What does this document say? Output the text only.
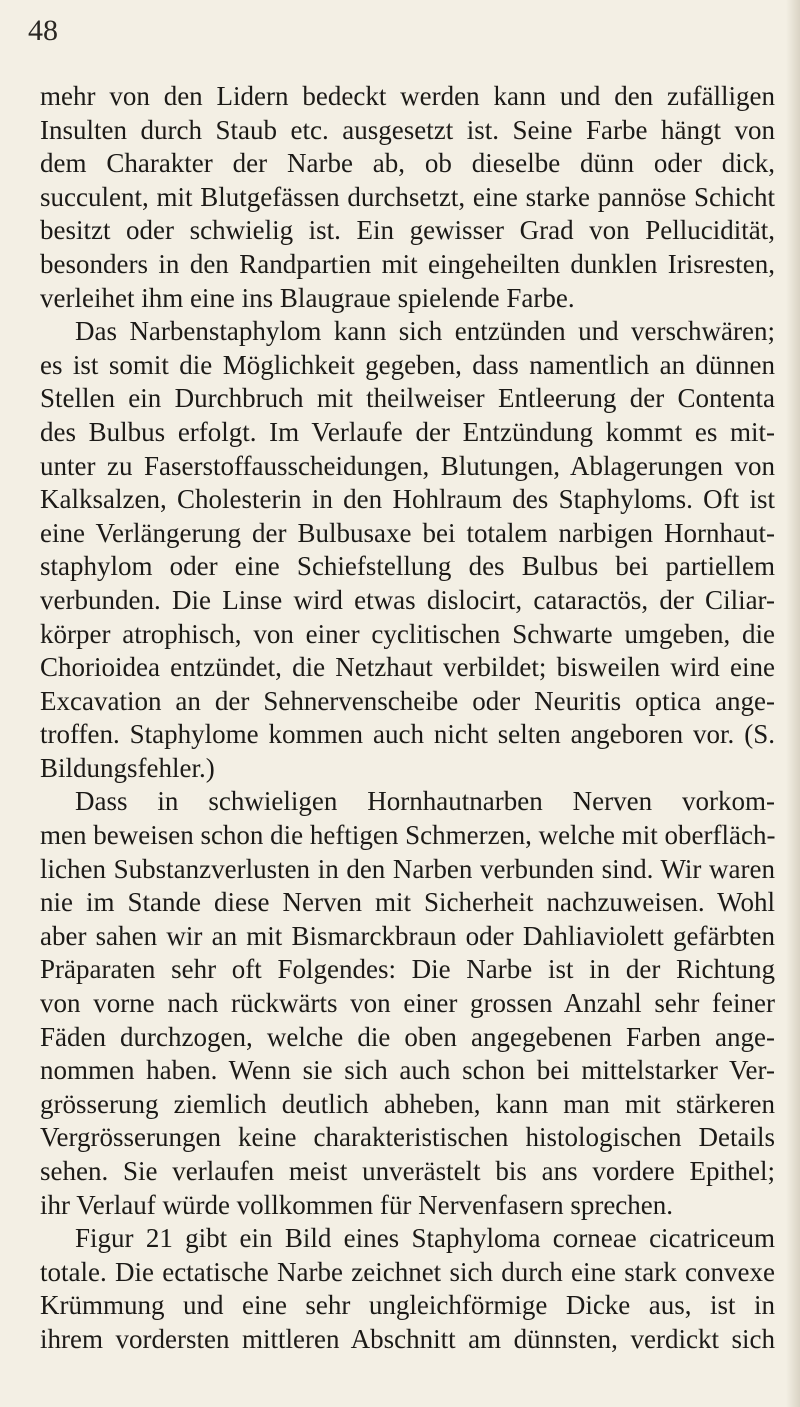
48
mehr von den Lidern bedeckt werden kann und den zufälligen
Insulten durch Staub etc. ausgesetzt ist. Seine Farbe hängt von
dem Charakter der Narbe ab, ob dieselbe dünn oder dick,
succulent, mit Blutgefässen durchsetzt, eine starke pannöse Schicht
besitzt oder schwielig ist. Ein gewisser Grad von Pellucidität,
besonders in den Randpartien mit eingeheilten dunklen Irisresten,
verleihet ihm eine ins Blaugraue spielende Farbe.
Das Narbenstaphylom kann sich entzünden und verschwären;
es ist somit die Möglichkeit gegeben, dass namentlich an dünnen
Stellen ein Durchbruch mit theilweiser Entleerung der Contenta
des Bulbus erfolgt. Im Verlaufe der Entzündung kommt es mit-
unter zu Faserstoffausscheidungen, Blutungen, Ablagerungen von
Kalksalzen, Cholesterin in den Hohlraum des Staphyloms. Oft ist
eine Verlängerung der Bulbusaxe bei totalem narbigen Hornhaut-
staphylom oder eine Schiefstellung des Bulbus bei partiellem
verbunden. Die Linse wird etwas dislocirt, cataractös, der Ciliar-
körper atrophisch, von einer cyclitischen Schwarte umgeben, die
Chorioidea entzündet, die Netzhaut verbildet; bisweilen wird eine
Excavation an der Sehnervenscheibe oder Neuritis optica ange-
troffen. Staphylome kommen auch nicht selten angeboren vor. (S.
Bildungsfehler.)
Dass in schwieligen Hornhautnarben Nerven vorkom-
men beweisen schon die heftigen Schmerzen, welche mit oberfläch-
lichen Substanzverlusten in den Narben verbunden sind. Wir waren
nie im Stande diese Nerven mit Sicherheit nachzuweisen. Wohl
aber sahen wir an mit Bismarckbraun oder Dahliaviolett gefärbten
Präparaten sehr oft Folgendes: Die Narbe ist in der Richtung
von vorne nach rückwärts von einer grossen Anzahl sehr feiner
Fäden durchzogen, welche die oben angegebenen Farben ange-
nommen haben. Wenn sie sich auch schon bei mittelstarker Ver-
grösserung ziemlich deutlich abheben, kann man mit stärkeren
Vergrösserungen keine charakteristischen histologischen Details
sehen. Sie verlaufen meist unverästelt bis ans vordere Epithel;
ihr Verlauf würde vollkommen für Nervenfasern sprechen.
Figur 21 gibt ein Bild eines Staphyloma corneae cicatriceum
totale. Die ectatische Narbe zeichnet sich durch eine stark convexe
Krümmung und eine sehr ungleichförmige Dicke aus, ist in
ihrem vordersten mittleren Abschnitt am dünnsten, verdickt sich
